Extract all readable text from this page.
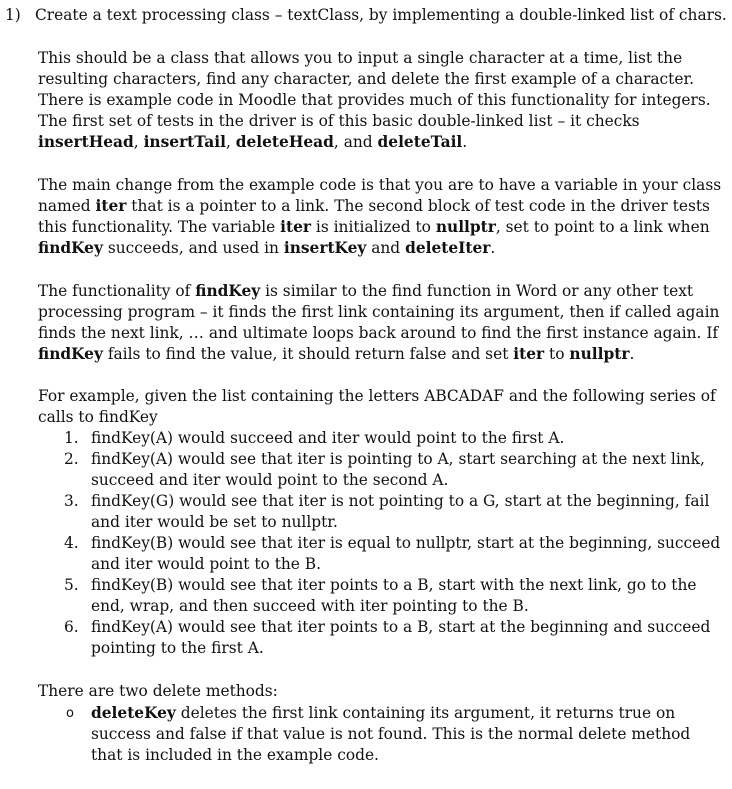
1) Create a text processing class – textClass, by implementing a double-linked list of chars.

This should be a class that allows you to input a single character at a time, list the resulting characters, find any character, and delete the first example of a character. There is example code in Moodle that provides much of this functionality for integers. The first set of tests in the driver is of this basic double-linked list – it checks insertHead, insertTail, deleteHead, and deleteTail.

The main change from the example code is that you are to have a variable in your class named iter that is a pointer to a link. The second block of test code in the driver tests this functionality. The variable iter is initialized to nullptr, set to point to a link when findKey succeeds, and used in insertKey and deleteIter.

The functionality of findKey is similar to the find function in Word or any other text processing program – it finds the first link containing its argument, then if called again finds the next link, … and ultimate loops back around to find the first instance again. If findKey fails to find the value, it should return false and set iter to nullptr.

For example, given the list containing the letters ABCADAF and the following series of calls to findKey

1. findKey(A) would succeed and iter would point to the first A.
2. findKey(A) would see that iter is pointing to A, start searching at the next link, succeed and iter would point to the second A.
3. findKey(G) would see that iter is not pointing to a G, start at the beginning, fail and iter would be set to nullptr.
4. findKey(B) would see that iter is equal to nullptr, start at the beginning, succeed and iter would point to the B.
5. findKey(B) would see that iter points to a B, start with the next link, go to the end, wrap, and then succeed with iter pointing to the B.
6. findKey(A) would see that iter points to a B, start at the beginning and succeed pointing to the first A.

There are two delete methods:

o deleteKey deletes the first link containing its argument, it returns true on success and false if that value is not found. This is the normal delete method that is included in the example code.
